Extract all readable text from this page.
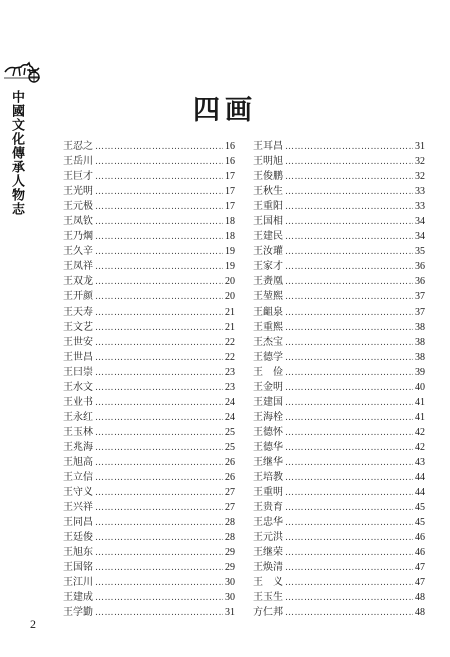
中國文化傳承人物志	四画
王忍之 ……………………………………………………………………………………	16
王岳川 ……………………………………………………………………………………	16
王巨才 ……………………………………………………………………………………	17
王光明 ……………………………………………………………………………………	17
王元极 ……………………………………………………………………………………	17
王凤钦 ……………………………………………………………………………………	18
王乃焵 ……………………………………………………………………………………	18
王久辛 ……………………………………………………………………………………	19
王凤祥 ……………………………………………………………………………………	19
王双龙 ……………………………………………………………………………………	20
王开颜 ……………………………………………………………………………………	20
王天寿 ……………………………………………………………………………………	21
王文艺 ……………………………………………………………………………………	21
王世安 ……………………………………………………………………………………	22
王世昌 ……………………………………………………………………………………	22
王曰崇 ……………………………………………………………………………………	23
王水文 ……………………………………………………………………………………	23
王业书 ……………………………………………………………………………………	24
王永红 ……………………………………………………………………………………	24
王玉林 ……………………………………………………………………………………	25
王兆海 ……………………………………………………………………………………	25
王旭高 ……………………………………………………………………………………	26
王立信 ……………………………………………………………………………………	26
王守义 ……………………………………………………………………………………	27
王兴祥 ……………………………………………………………………………………	27
王同昌 ……………………………………………………………………………………	28
王廷俊 ……………………………………………………………………………………	28
王旭东 ……………………………………………………………………………………	29
王国铭 ……………………………………………………………………………………	29
王江川 ……………………………………………………………………………………	30
王建成 ……………………………………………………………………………………	30
王学勤 ……………………………………………………………………………………	31
王耳昌 ……………………………………………………………………………………	31
王明旭 ……………………………………………………………………………………	32
王俊鹏 ……………………………………………………………………………………	32
王秋生 ……………………………………………………………………………………	33
王重阳 ……………………………………………………………………………………	33
王国相 ……………………………………………………………………………………	34
王建民 ……………………………………………………………………………………	34
王汝瓘 ……………………………………………………………………………………	35
王家才 ……………………………………………………………………………………	36
王赉凰 ……………………………………………………………………………………	36
王堃熙 ……………………………………………………………………………………	37
王齟泉 ……………………………………………………………………………………	37
王重熙 ……………………………………………………………………………………	38
王杰宝 ……………………………………………………………………………………	38
王德学 ……………………………………………………………………………………	38
王　俭 ……………………………………………………………………………………	39
王金明 ……………………………………………………………………………………	40
王建国 ……………………………………………………………………………………	41
王海栓 ……………………………………………………………………………………	41
王德怀 ……………………………………………………………………………………	42
王德华 ……………………………………………………………………………………	42
王继华 ……………………………………………………………………………………	43
王培教 ……………………………………………………………………………………	44
王重明 ……………………………………………………………………………………	44
王贵育 ……………………………………………………………………………………	45
王忠华 ……………………………………………………………………………………	45
王元洪 ……………………………………………………………………………………	46
王继荣 ……………………………………………………………………………………	46
王焕清 ……………………………………………………………………………………	47
王　义 ……………………………………………………………………………………	47
王玉生 ……………………………………………………………………………………	48
方仁邦 ……………………………………………………………………………………	48
2
